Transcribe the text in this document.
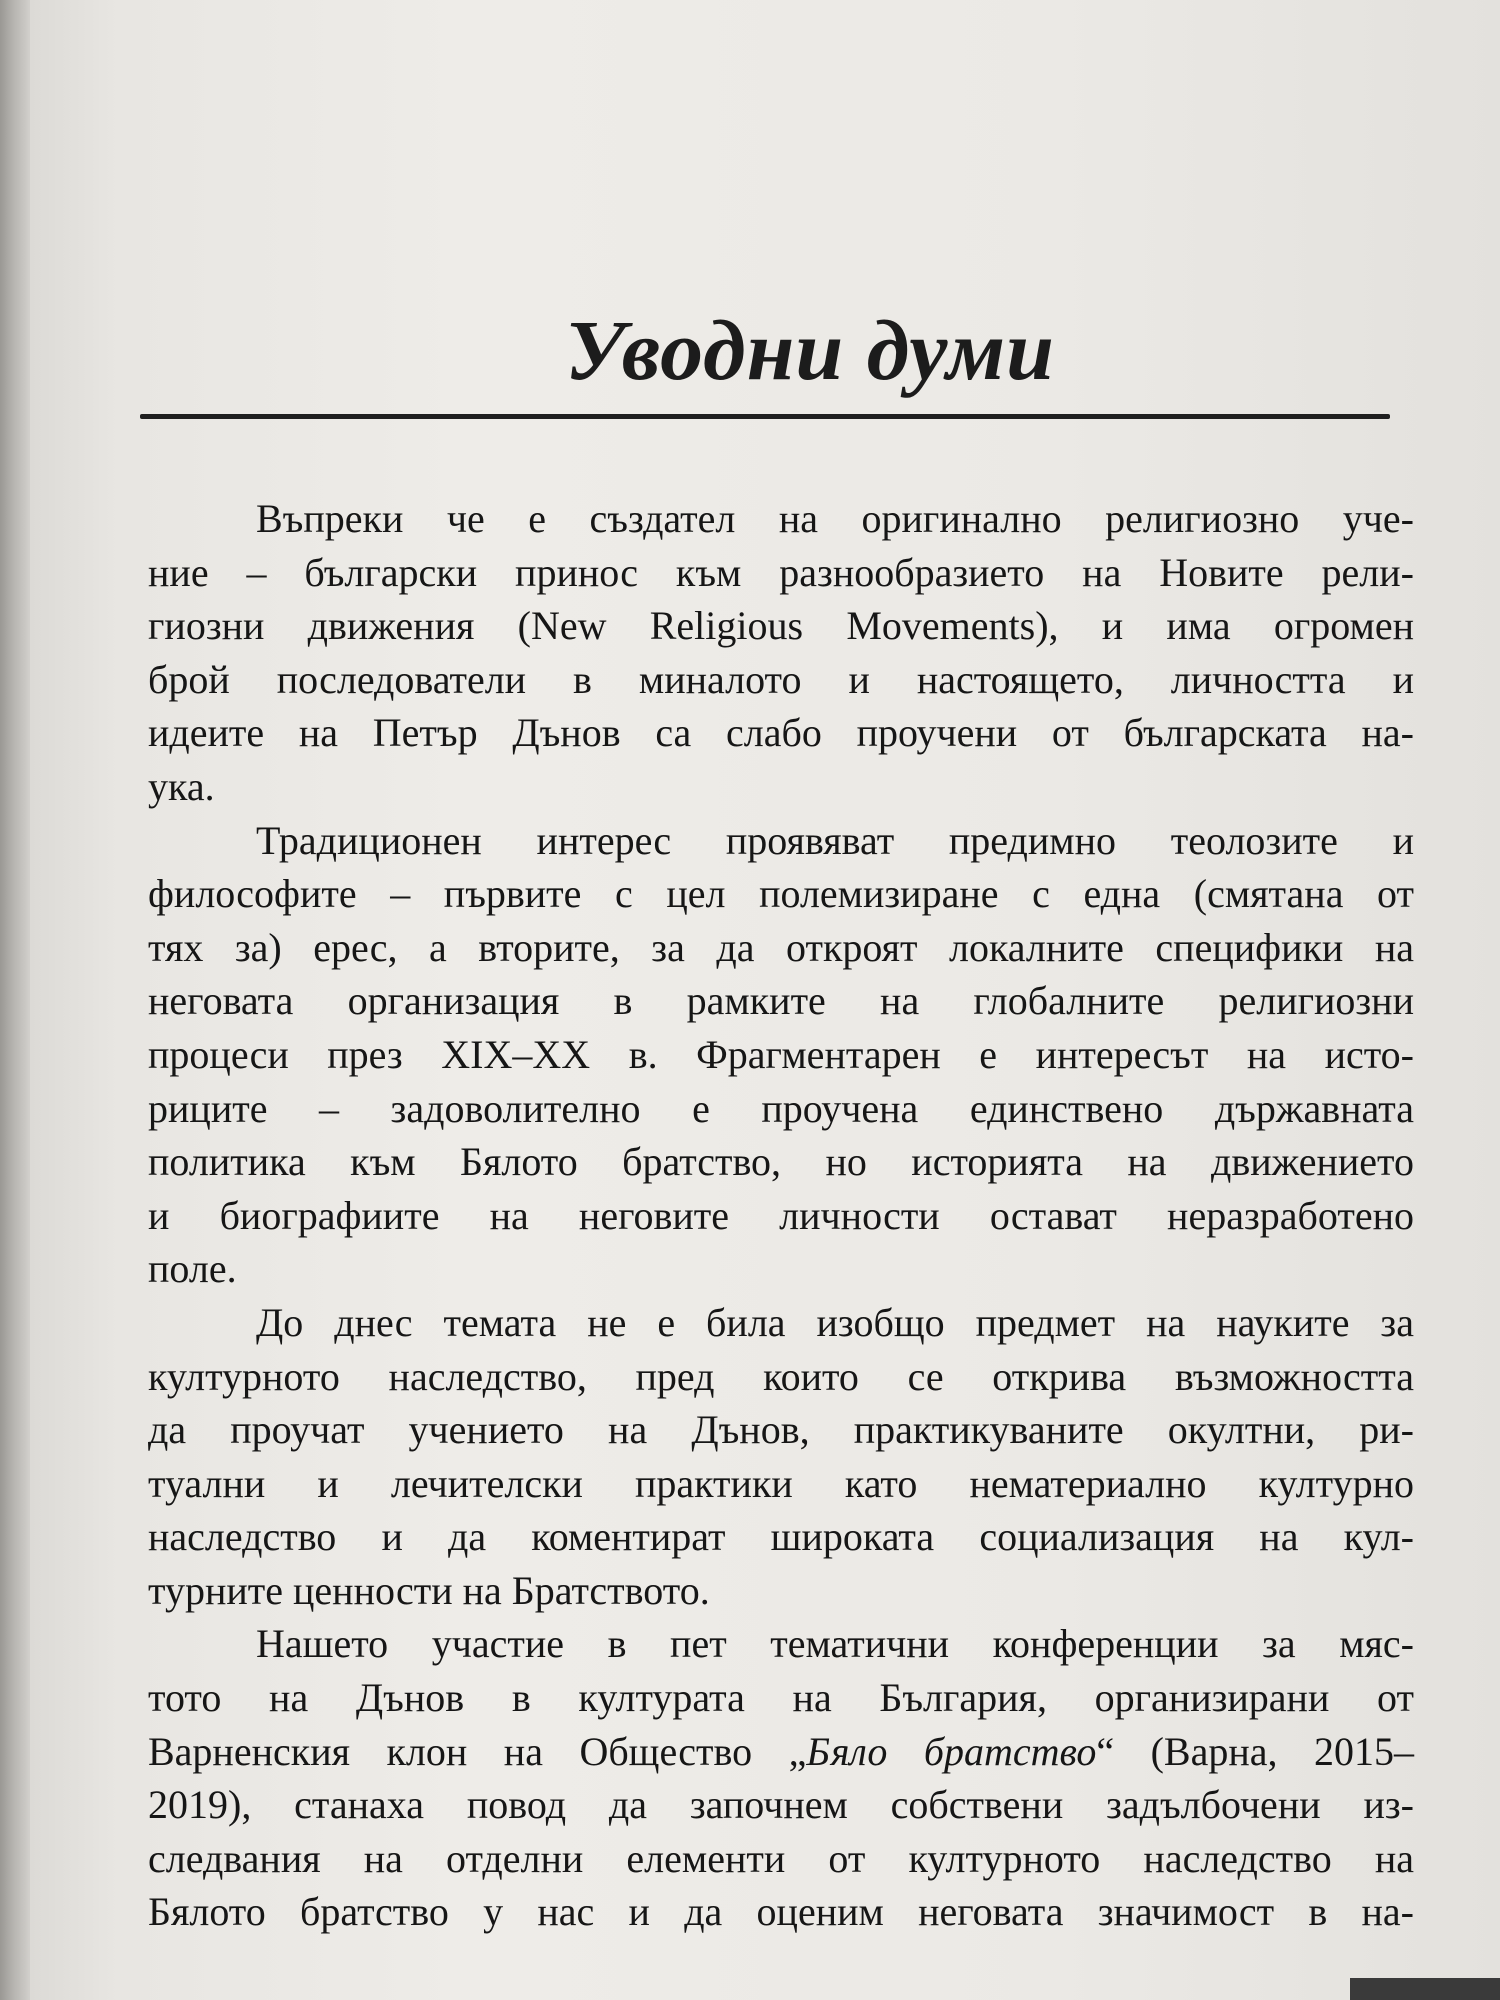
Уводни думи
Въпреки че е създател на оригинално религиозно уче-
ние – български принос към разнообразието на Новите рели-
гиозни движения (New Religious Movements), и има огромен
брой последователи в миналото и настоящето, личността и
идеите на Петър Дънов са слабо проучени от българската на-
ука.
Традиционен интерес проявяват предимно теолозите и
философите – първите с цел полемизиране с една (смятана от
тях за) ерес, а вторите, за да откроят локалните специфики на
неговата организация в рамките на глобалните религиозни
процеси през XIX–XX в. Фрагментарен е интересът на исто-
риците – задоволително е проучена единствено държавната
политика към Бялото братство, но историята на движението
и биографиите на неговите личности остават неразработено
поле.
До днес темата не е била изобщо предмет на науките за
културното наследство, пред които се открива възможността
да проучат учението на Дънов, практикуваните окултни, ри-
туални и лечителски практики като нематериално културно
наследство и да коментират широката социализация на кул-
турните ценности на Братството.
Нашето участие в пет тематични конференции за мяс-
тото на Дънов в културата на България, организирани от
Варненския клон на Общество „Бяло братство“ (Варна, 2015–
2019), станаха повод да започнем собствени задълбочени из-
следвания на отделни елементи от културното наследство на
Бялото братство у нас и да оценим неговата значимост в на-
